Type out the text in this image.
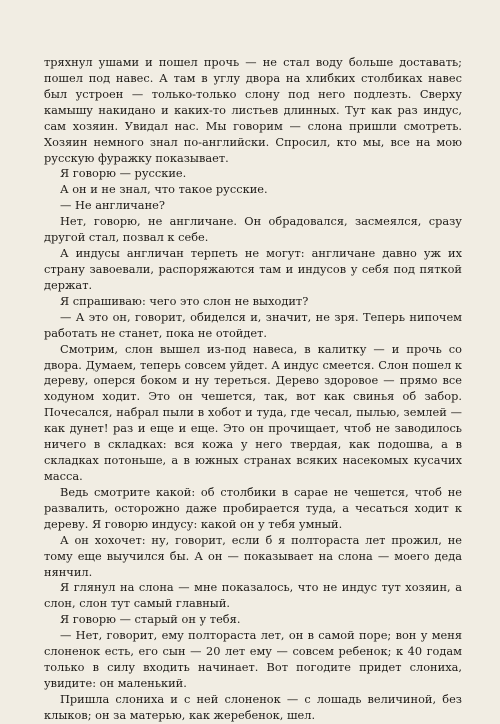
тряхнул ушами и пошел прочь — не стал воду больше доставать; пошел под навес. А там в углу двора на хлибких столбиках навес был устроен — только-только слону под него подлезть. Сверху камышу накидано и каких-то листьев длинных. Тут как раз индус, сам хозяин. Увидал нас. Мы говорим — слона пришли смотреть. Хозяин немного знал по-английски. Спросил, кто мы, все на мою русскую фуражку показывает.

Я говорю — русские.

А он и не знал, что такое русские.

— Не англичане?

Нет, говорю, не англичане. Он обрадовался, засмеялся, сразу другой стал, позвал к себе.

А индусы англичан терпеть не могут: англичане давно уж их страну завоевали, распоряжаются там и индусов у себя под пяткой держат.

Я спрашиваю: чего это слон не выходит?

— А это он, говорит, обиделся и, значит, не зря. Теперь нипочем работать не станет, пока не отойдет.

Смотрим, слон вышел из-под навеса, в калитку — и прочь со двора. Думаем, теперь совсем уйдет. А индус смеется. Слон пошел к дереву, оперся боком и ну тереться. Дерево здоровое — прямо все ходуном ходит. Это он чешется, так, вот как свинья об забор. Почесался, набрал пыли в хобот и туда, где чесал, пылью, землей — как дунет! раз и еще и еще. Это он прочищает, чтоб не заводилось ничего в складках: вся кожа у него твердая, как подошва, а в складках потоньше, а в южных странах всяких насекомых кусачих масса.

Ведь смотрите какой: об столбики в сарае не чешется, чтоб не развалить, осторожно даже пробирается туда, а чесаться ходит к дереву. Я говорю индусу: какой он у тебя умный.

А он хохочет: ну, говорит, если б я полтораста лет прожил, не тому еще выучился бы. А он — показывает на слона — моего деда нянчил.

Я глянул на слона — мне показалось, что не индус тут хозяин, а слон, слон тут самый главный.

Я говорю — старый он у тебя.

— Нет, говорит, ему полтораста лет, он в самой поре; вон у меня слоненок есть, его сын — 20 лет ему — совсем ребенок; к 40 годам только в силу входить начинает. Вот погодите придет слониха, увидите: он маленький.

Пришла слониха и с ней слоненок — с лошадь величиной, без клыков; он за матерью, как жеребенок, шел.
